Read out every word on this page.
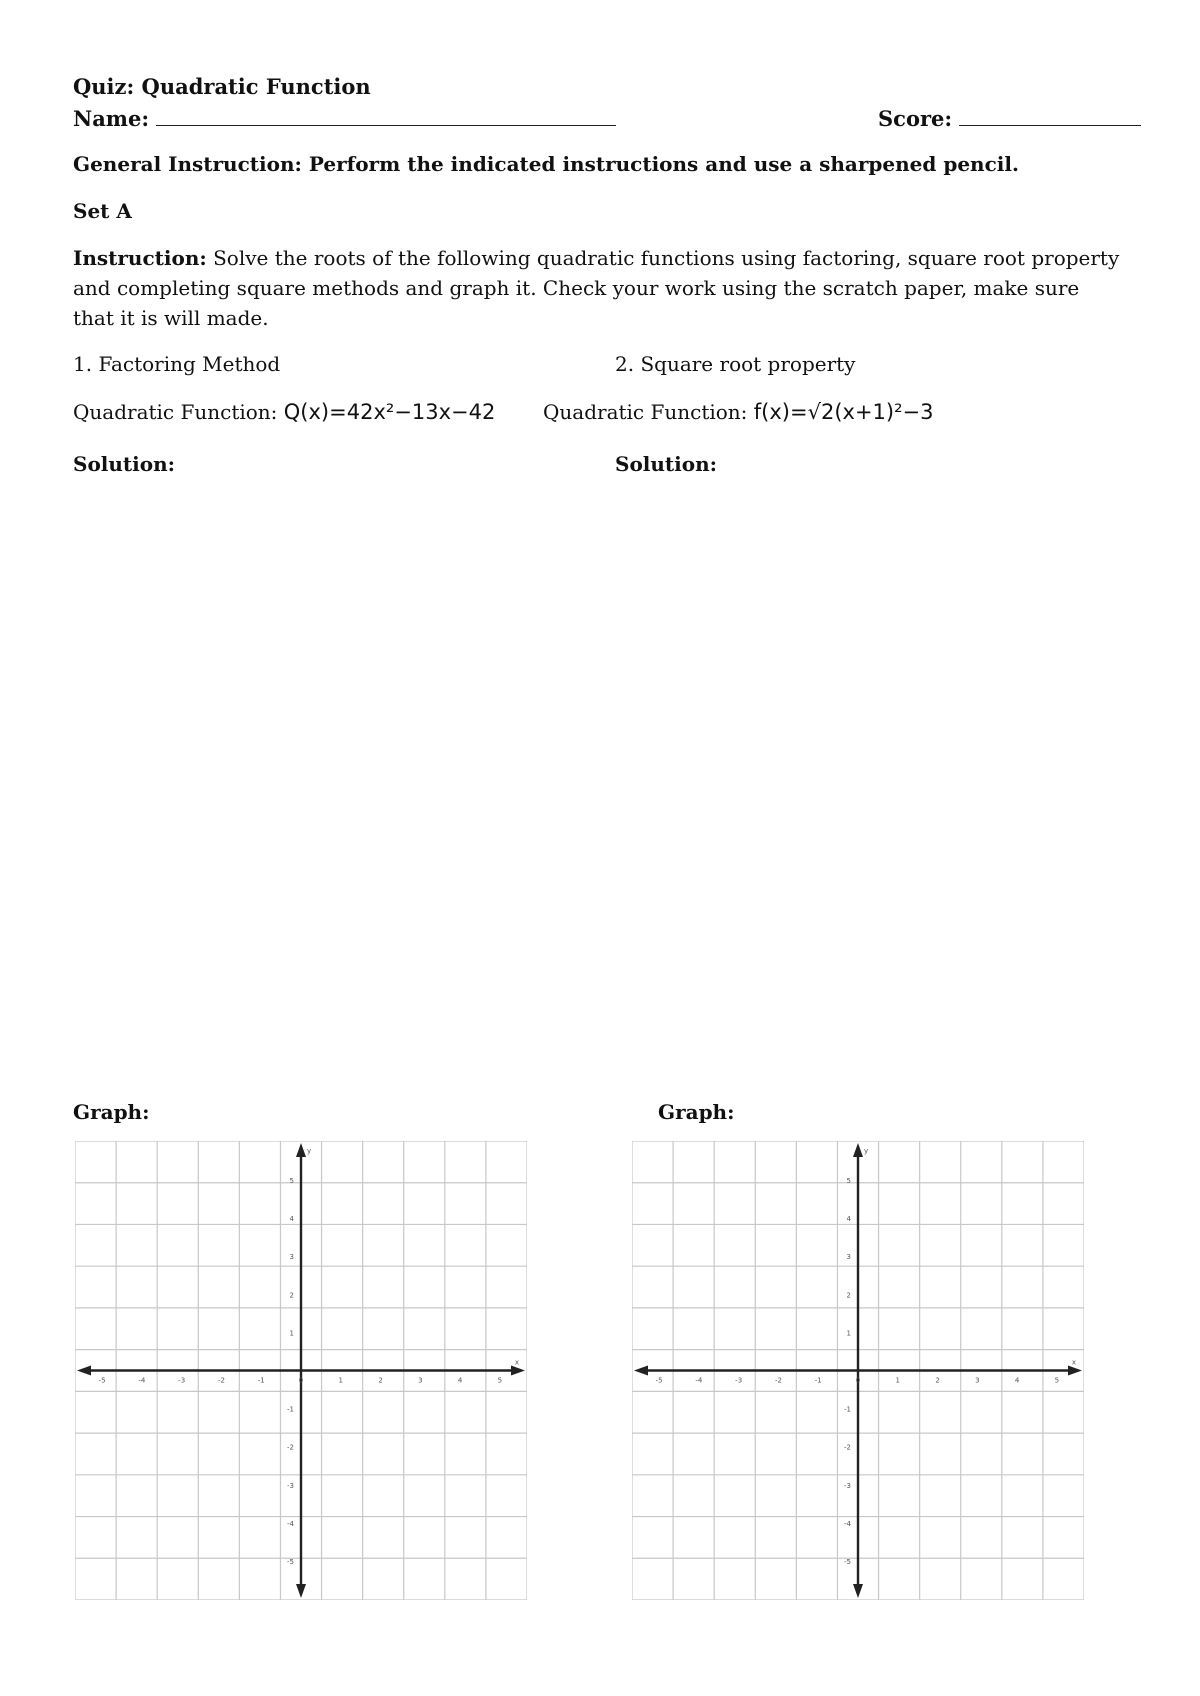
Quiz: Quadratic Function
Name:	Score:
General Instruction: Perform the indicated instructions and use a sharpened pencil.
Set A
Instruction: Solve the roots of the following quadratic functions using factoring, square root property and completing square methods and graph it. Check your work using the scratch paper, make sure that it is will made.
1. Factoring Method	2. Square root property
Quadratic Function: Q(x)=42x²−13x−42 Quadratic Function: f(x)=√2(x+1)²−3
Solution:	Solution:
Graph:	Graph:
x
y
-5	-4	-3	-2	-1	0	1	2	3	4	5
5
4
3
2
1
-1
-2
-3
-4
-5
x
y
-5	-4	-3	-2	-1	0	1	2	3	4	5
5
4
3
2
1
-1
-2
-3
-4
-5
